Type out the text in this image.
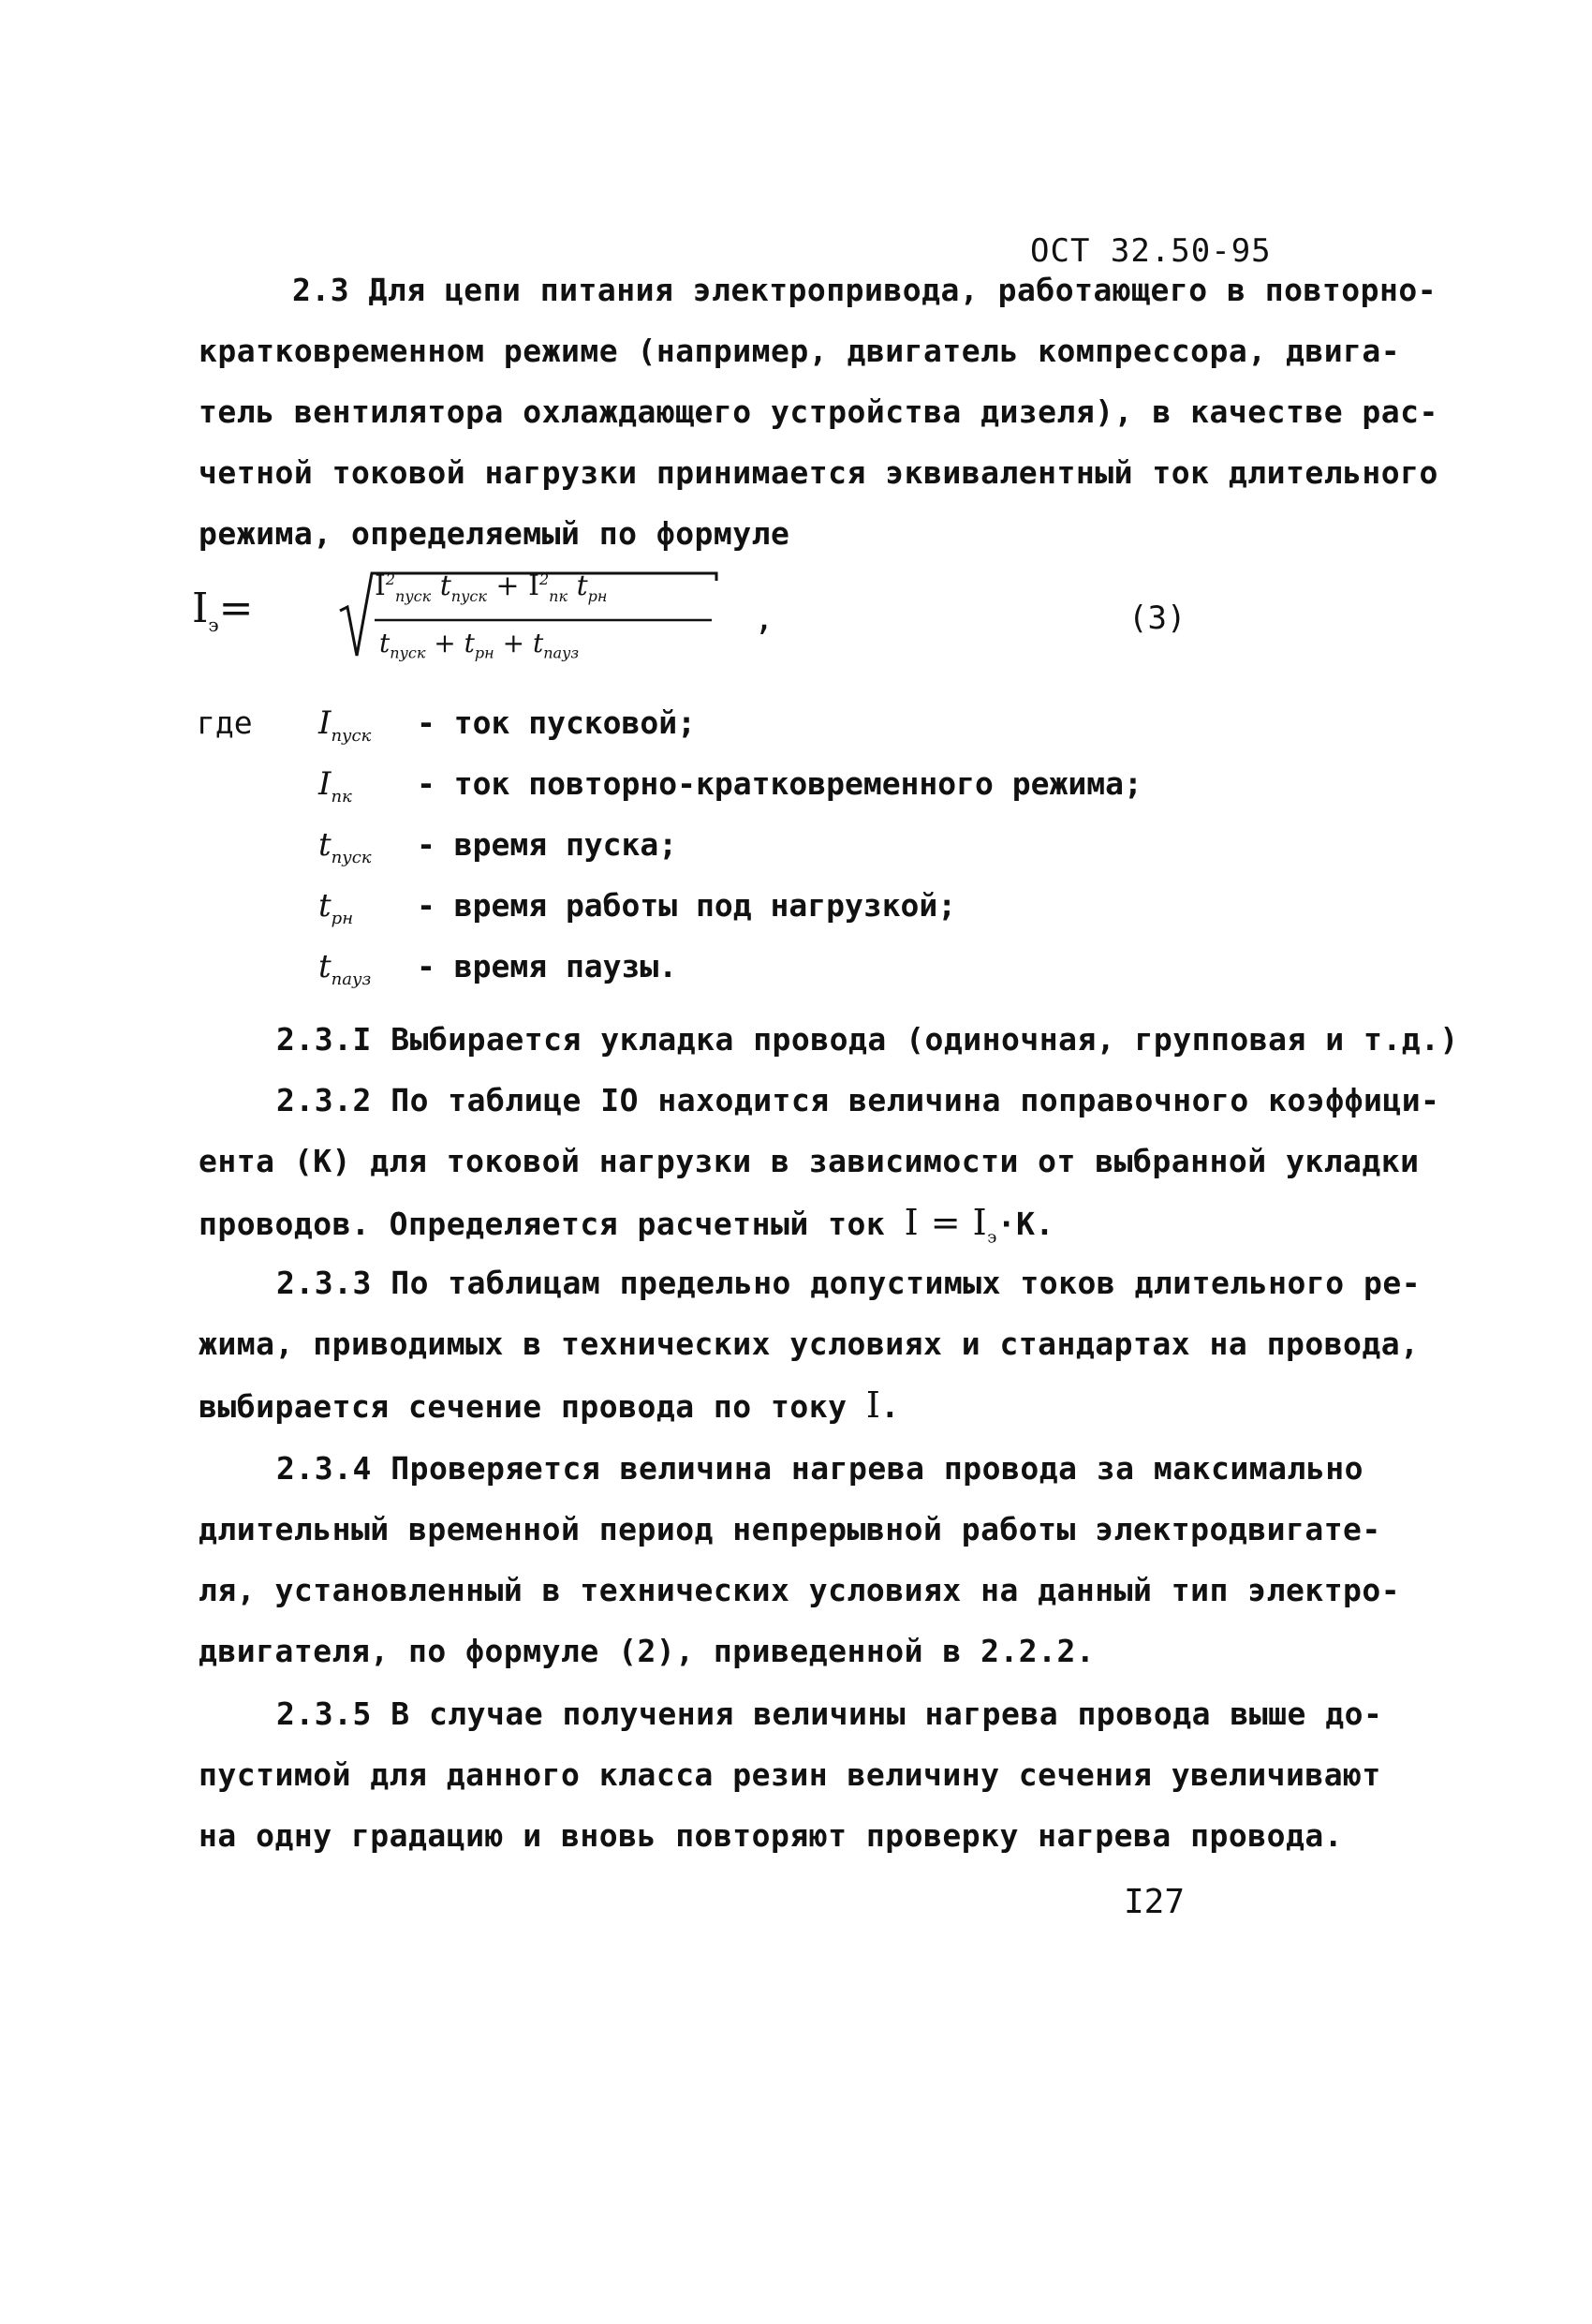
ОСТ 32.50-95
2.3 Для цепи питания электропривода, работающего в повторно-
кратковременном режиме (например, двигатель компрессора, двига-
тель вентилятора охлаждающего устройства дизеля), в качестве рас-
четной токовой нагрузки принимается эквивалентный ток длительного
режима, определяемый по формуле
$I_э=$	$I^2_{пуск}$ $t_{пуск} + I^2_{пк}$ $t_{рн}$
$t_{пуск} + t_{рн} + t_{пауз}$
,	(3)
где $I_{пуск}$ - ток пусковой;
$I_{пк}$ - ток повторно-кратковременного режима;
$t_{пуск}$ - время пуска;
$t_{рн}$ - время работы под нагрузкой;
$t_{пауз}$ - время паузы.
2.3.I Выбирается укладка провода (одиночная, групповая и т.д.)
2.3.2 По таблице IO находится величина поправочного коэффици-
ента (К) для токовой нагрузки в зависимости от выбранной укладки
проводов. Определяется расчетный ток $I = I_э\cdot К$.
2.3.3 По таблицам предельно допустимых токов длительного ре-
жима, приводимых в технических условиях и стандартах на провода,
выбирается сечение провода по току I.
2.3.4 Проверяется величина нагрева провода за максимально
длительный временной период непрерывной работы электродвигате-
ля, установленный в технических условиях на данный тип электро-
двигателя, по формуле (2), приведенной в 2.2.2.
2.3.5 В случае получения величины нагрева провода выше до-
пустимой для данного класса резин величину сечения увеличивают
на одну градацию и вновь повторяют проверку нагрева провода.
I27
